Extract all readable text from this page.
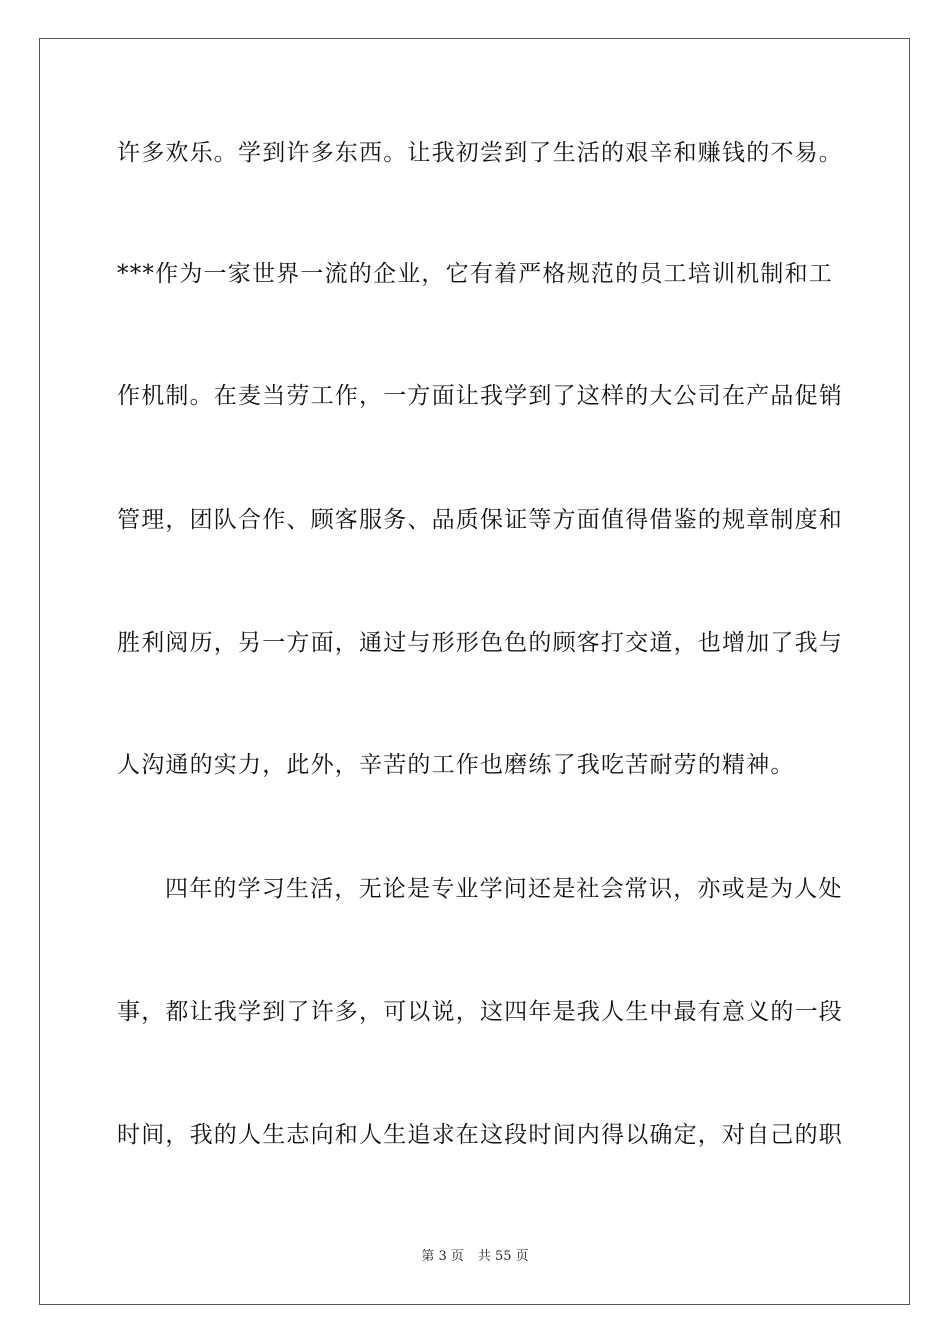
许多欢乐。学到许多东西。让我初尝到了生活的艰辛和赚钱的不易。
***作为一家世界一流的企业，它有着严格规范的员工培训机制和工
作机制。在麦当劳工作，一方面让我学到了这样的大公司在产品促销
管理，团队合作、顾客服务、品质保证等方面值得借鉴的规章制度和
胜利阅历，另一方面，通过与形形色色的顾客打交道，也增加了我与
人沟通的实力，此外，辛苦的工作也磨练了我吃苦耐劳的精神。
四年的学习生活，无论是专业学问还是社会常识，亦或是为人处
事，都让我学到了许多，可以说，这四年是我人生中最有意义的一段
时间，我的人生志向和人生追求在这段时间内得以确定，对自己的职
第 3 页 共 55 页
